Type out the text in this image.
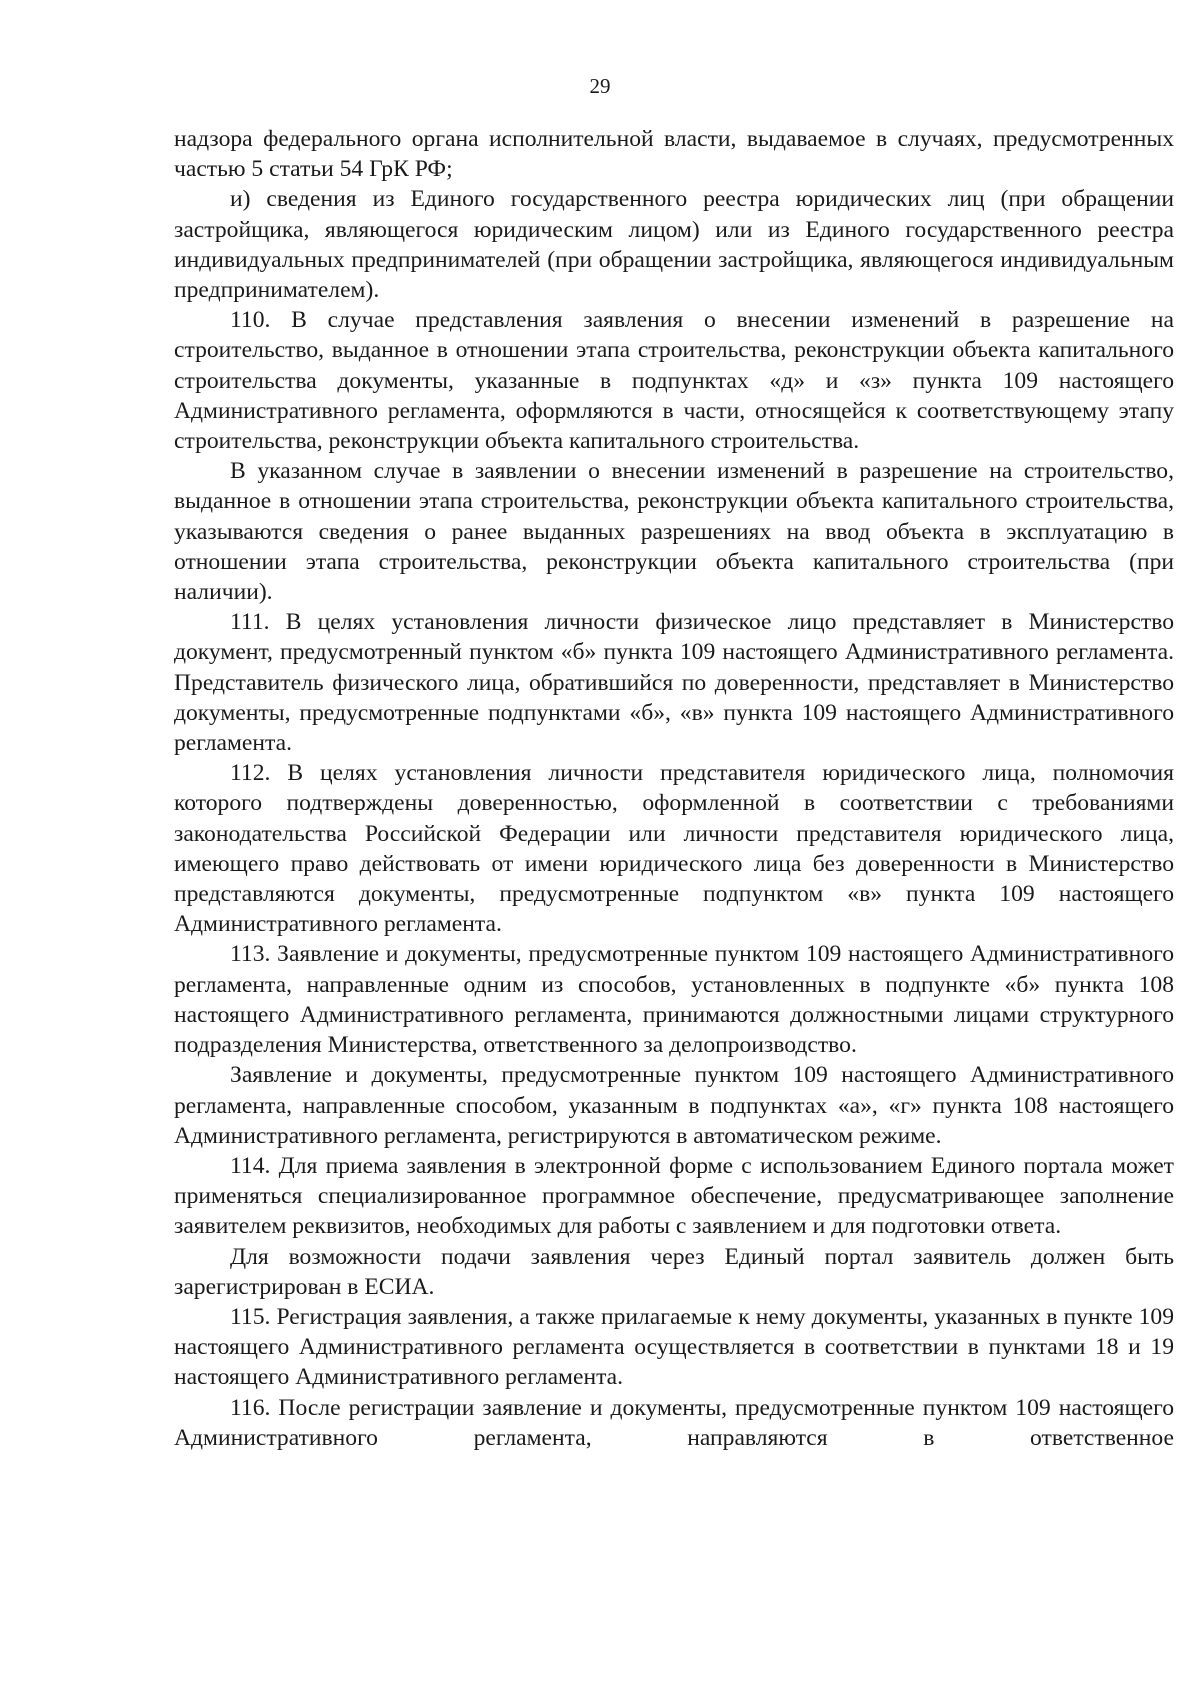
29

надзора федерального органа исполнительной власти, выдаваемое в случаях, предусмотренных частью 5 статьи 54 ГрК РФ;

и) сведения из Единого государственного реестра юридических лиц (при обращении застройщика, являющегося юридическим лицом) или из Единого государственного реестра индивидуальных предпринимателей (при обращении застройщика, являющегося индивидуальным предпринимателем).

110. В случае представления заявления о внесении изменений в разрешение на строительство, выданное в отношении этапа строительства, реконструкции объекта капитального строительства документы, указанные в подпунктах «д» и «з» пункта 109 настоящего Административного регламента, оформляются в части, относящейся к соответствующему этапу строительства, реконструкции объекта капитального строительства.

В указанном случае в заявлении о внесении изменений в разрешение на строительство, выданное в отношении этапа строительства, реконструкции объекта капитального строительства, указываются сведения о ранее выданных разрешениях на ввод объекта в эксплуатацию в отношении этапа строительства, реконструкции объекта капитального строительства (при наличии).

111. В целях установления личности физическое лицо представляет в Министерство документ, предусмотренный пунктом «б» пункта 109 настоящего Административного регламента. Представитель физического лица, обратившийся по доверенности, представляет в Министерство документы, предусмотренные подпунктами «б», «в» пункта 109 настоящего Административного регламента.

112. В целях установления личности представителя юридического лица, полномочия которого подтверждены доверенностью, оформленной в соответствии с требованиями законодательства Российской Федерации или личности представителя юридического лица, имеющего право действовать от имени юридического лица без доверенности в Министерство представляются документы, предусмотренные подпунктом «в» пункта 109 настоящего Административного регламента.

113. Заявление и документы, предусмотренные пунктом 109 настоящего Административного регламента, направленные одним из способов, установленных в подпункте «б» пункта 108 настоящего Административного регламента, принимаются должностными лицами структурного подразделения Министерства, ответственного за делопроизводство.

Заявление и документы, предусмотренные пунктом 109 настоящего Административного регламента, направленные способом, указанным в подпунктах «а», «г» пункта 108 настоящего Административного регламента, регистрируются в автоматическом режиме.

114. Для приема заявления в электронной форме с использованием Единого портала может применяться специализированное программное обеспечение, предусматривающее заполнение заявителем реквизитов, необходимых для работы с заявлением и для подготовки ответа.

Для возможности подачи заявления через Единый портал заявитель должен быть зарегистрирован в ЕСИА.

115. Регистрация заявления, а также прилагаемые к нему документы, указанных в пункте 109 настоящего Административного регламента осуществляется в соответствии в пунктами 18 и 19 настоящего Административного регламента.

116. После регистрации заявление и документы, предусмотренные пунктом 109 настоящего Административного регламента, направляются в ответственное
